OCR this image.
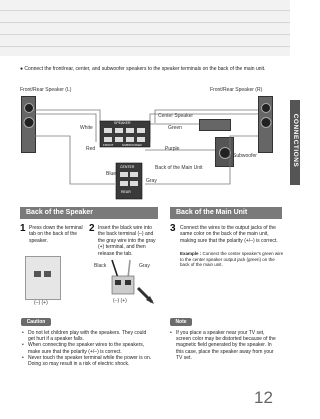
CONNECTIONS
● Connect the front/rear, center, and subwoofer speakers to the speaker terminals on the back of the main unit.
Front/Rear Speaker (L)	Front/Rear Speaker (R)
Center Speaker
Subwoofer
SPEAKER
FRONT	SUBWOOFER
CENTER
REAR
White	Green
Red	Purple
Back of the Main Unit
Blue
Gray
Back of the Speaker	Back of the Main Unit
1 Press down the terminal tab on the back of the speaker.
(–) (+)
2 Insert the black wire into the back terminal (–) and the gray wire into the gray (+) terminal, and then release the tab.
Black	Gray
(–) (+)
3 Connect the wires to the output jacks of the same color on the back of the main unit, making sure that the polarity (+/–) is correct.
Example : Connect the center speaker's green wire to the center speaker output jack (green) on the back of the main unit.
Caution
• Do not let children play with the speakers. They could get hurt if a speaker falls.
• When connecting the speaker wires to the speakers, make sure that the polarity (+/–) is correct.
• Never touch the speaker terminal while the power is on. Doing so may result in a risk of electric shock.
Note
• If you place a speaker near your TV set, screen color may be distorted because of the magnetic field generated by the speaker. In this case, place the speaker away from your TV set.
12
